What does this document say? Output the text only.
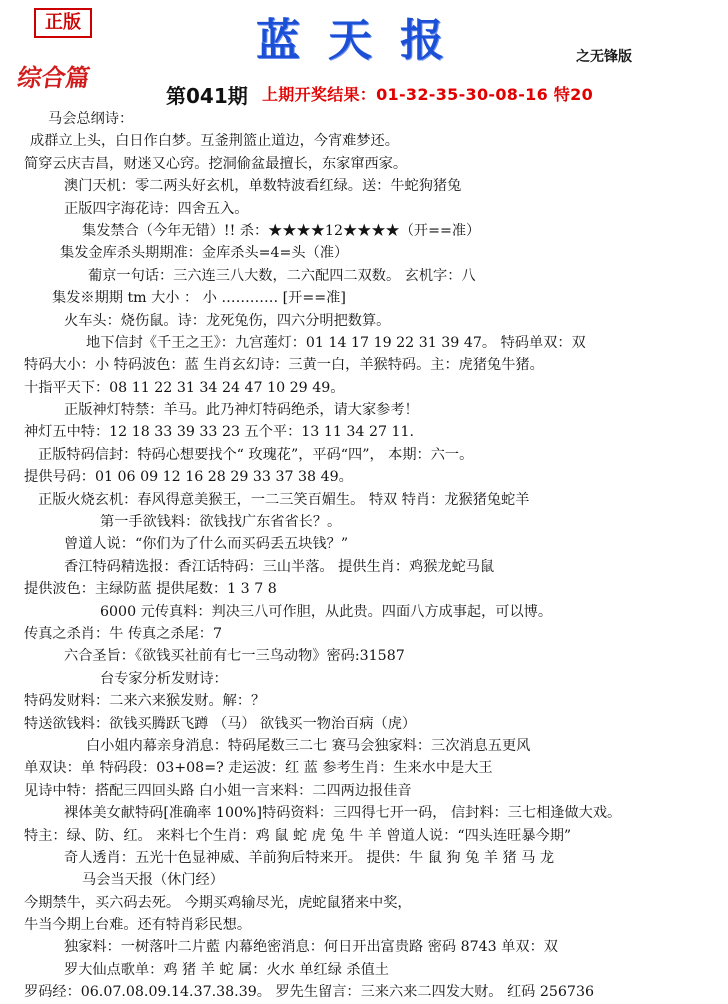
正版	蓝天报	之无锋版
综合篇
第041期 上期开奖结果：01-32-35-30-08-16 特20
马会总纲诗：
成群立上头，白日作白梦。互釜荆篮止道边，今宵难梦还。
简穿云庆吉昌，财迷又心窍。挖洞偷盆最擅长，东家窜西家。
澳门天机：零二两头好玄机，单数特波看红绿。送：牛蛇狗猪兔
正版四字海花诗：四舍五入。
集发禁合（今年无错）!! 杀：★★★★12★★★★（开==准）
集发金库杀头期期准：金库杀头=4=头（准）
葡京一句话：三六连三八大数，二六配四二双数。 玄机字：八
集发※期期 tm 大小 ： 小 ………… [开==准]
火车头：烧伤鼠。诗：龙死兔伤，四六分明把数算。
地下信封《千王之王》：九宫莲灯：01 14 17 19 22 31 39 47。 特码单双：双
特码大小：小 特码波色：蓝 生肖玄幻诗：三黄一白，羊猴特码。主：虎猪兔牛猪。
十指平天下：08 11 22 31 34 24 47 10 29 49。
正版神灯特禁：羊马。此乃神灯特码绝杀，请大家参考！
神灯五中特：12 18 33 39 33 23 五个平：13 11 34 27 11.
正版特码信封：特码心想要找个“ 玫瑰花”，平码“四”， 本期：六一。
提供号码：01 06 09 12 16 28 29 33 37 38 49。
正版火烧玄机：春风得意美猴王，一二三笑百媚生。 特双 特肖：龙猴猪兔蛇羊
第一手欲钱料：欲钱找广东省省长？。
曾道人说：“你们为了什么而买码丢五块钱？”
香江特码精选报：香江话特码：三山半落。 提供生肖：鸡猴龙蛇马鼠
提供波色：主绿防蓝 提供尾数：1 3 7 8
6000 元传真料：判决三八可作胆，从此贵。四面八方成事起，可以博。
传真之杀肖：牛 传真之杀尾：7
六合圣旨：《欲钱买社前有七一三鸟动物》密码:31587
台专家分析发财诗：
特码发财料：二来六来猴发财。解：？
特送欲钱料：欲钱买腾跃飞蹲 （马） 欲钱买一物治百病（虎）
白小姐内幕亲身消息：特码尾数三二七 赛马会独家料：三次消息五更风
单双诀：单 特码段：03+08=? 走运波：红 蓝 参考生肖：生来水中是大王
见诗中特：搭配三四回头路 白小姐一言来料：二四两边报佳音
裸体美女献特码[准确率 100%]特码资料：三四得七开一码， 信封料：三七相逢做大戏。
特主：绿、防、红。 来料七个生肖：鸡 鼠 蛇 虎 兔 牛 羊 曾道人说：“四头连旺暴今期”
奇人透肖：五光十色显神威、羊前狗后特来开。 提供：牛 鼠 狗 兔 羊 猪 马 龙
马会当天报（休门经）
今期禁牛，买六码去死。 今期买鸡输尽光，虎蛇鼠猪来中奖，
牛当今期上台难。还有特肖彩民想。
独家料：一树落叶二片藍 内幕绝密消息：何日开出富贵路 密码 8743 单双：双
罗大仙点歌单：鸡 猪 羊 蛇 属：火水 单红绿 杀值土
罗码经：06.07.08.09.14.37.38.39。 罗先生留言：三来六来二四发大财。 红码 256736
